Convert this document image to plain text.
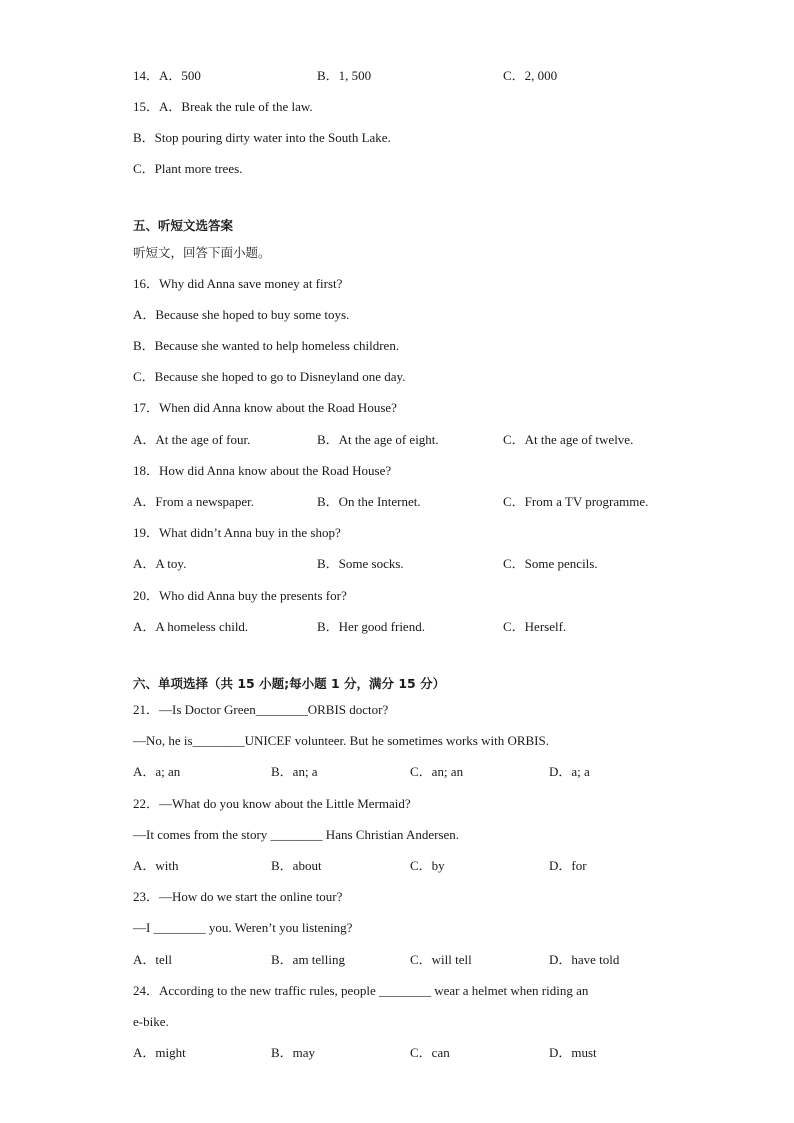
14．A．500	B．1, 500	C．2, 000
15．A．Break the rule of the law.
B．Stop pouring dirty water into the South Lake.
C．Plant more trees.
五、听短文选答案
听短文，回答下面小题。
16．Why did Anna save money at first?
A．Because she hoped to buy some toys.
B．Because she wanted to help homeless children.
C．Because she hoped to go to Disneyland one day.
17．When did Anna know about the Road House?
A．At the age of four.	B．At the age of eight.	C．At the age of twelve.
18．How did Anna know about the Road House?
A．From a newspaper.	B．On the Internet.	C．From a TV programme.
19．What didn’t Anna buy in the shop?
A．A toy.	B．Some socks.	C．Some pencils.
20．Who did Anna buy the presents for?
A．A homeless child.	B．Her good friend.	C．Herself.
六、单项选择（共 15 小题;每小题 1 分，满分 15 分）
21．—Is Doctor Green________ORBIS doctor?
—No, he is________UNICEF volunteer. But he sometimes works with ORBIS.
A．a; an	B．an; a	C．an; an	D．a; a
22．—What do you know about the Little Mermaid?
—It comes from the story ________ Hans Christian Andersen.
A．with	B．about	C．by	D．for
23．—How do we start the online tour?
—I ________ you. Weren’t you listening?
A．tell	B．am telling	C．will tell	D．have told
24．According to the new traffic rules, people ________ wear a helmet when riding an
e-bike.
A．might	B．may	C．can	D．must
